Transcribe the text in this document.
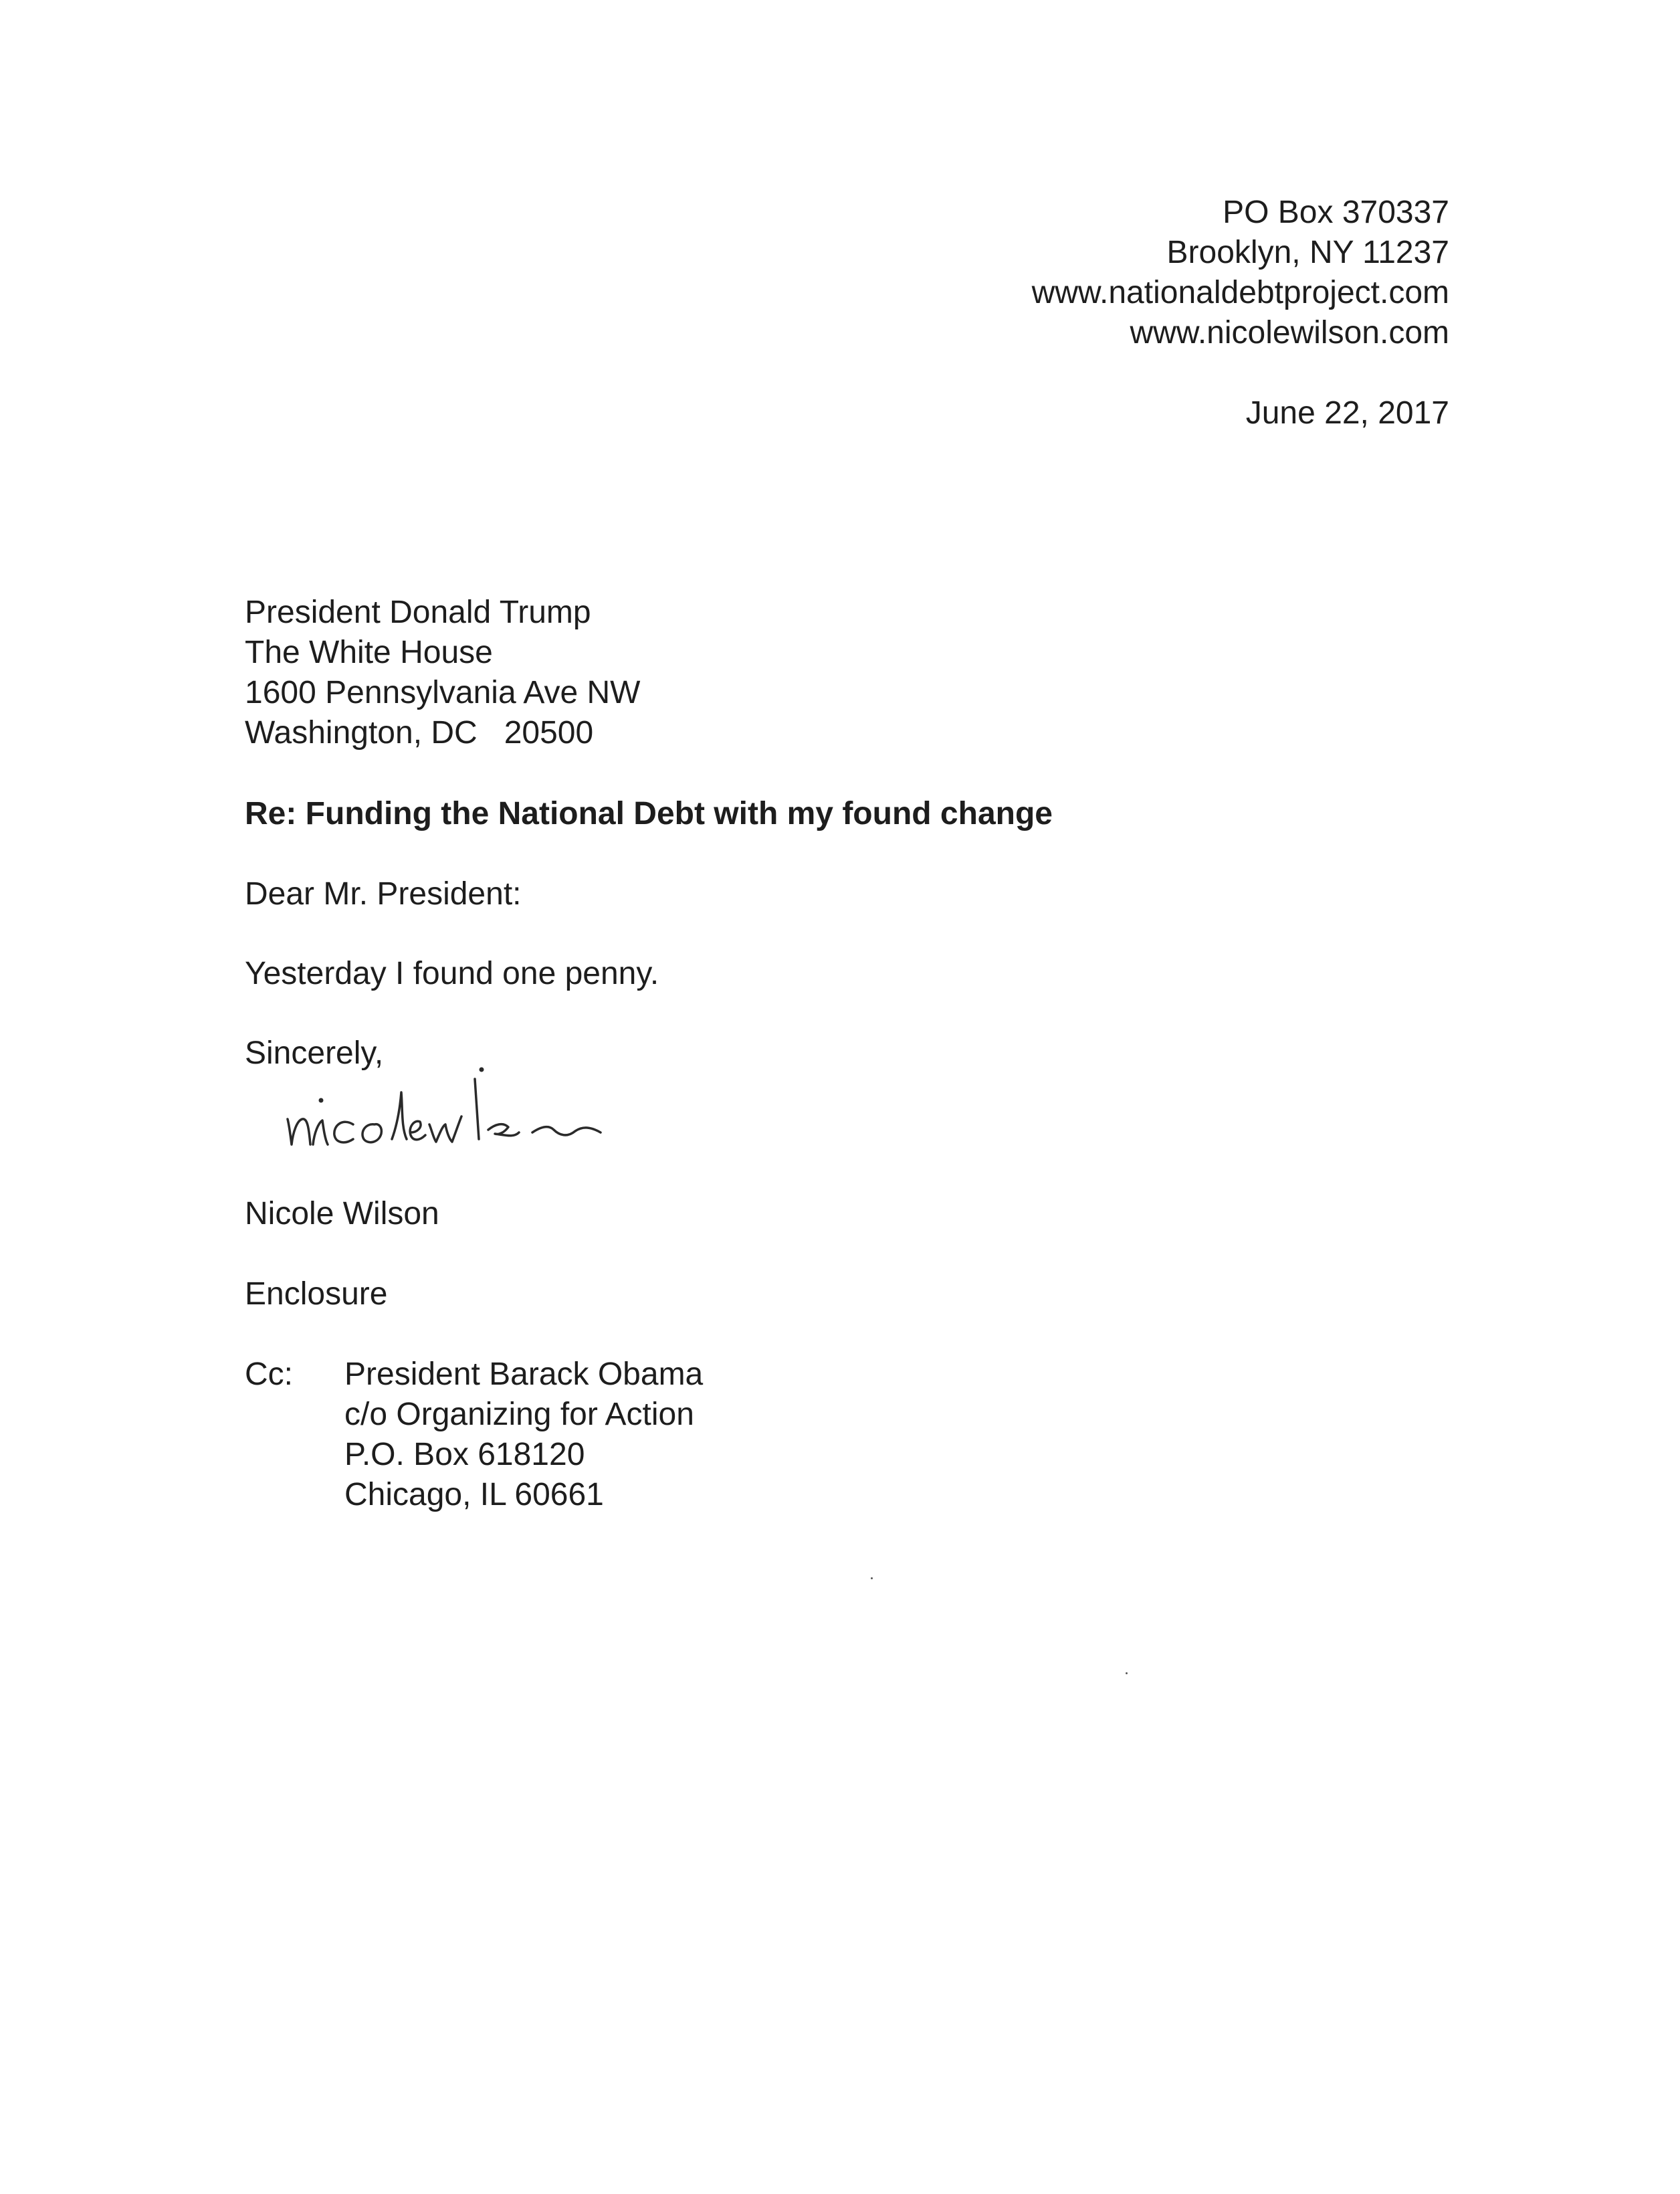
PO Box 370337
Brooklyn, NY 11237
www.nationaldebtproject.com
www.nicolewilson.com
June 22, 2017
President Donald Trump
The White House
1600 Pennsylvania Ave NW
Washington, DC   20500
Re: Funding the National Debt with my found change
Dear Mr. President:
Yesterday I found one penny.
Sincerely,
Nicole Wilson
Enclosure
Cc: President Barack Obama
c/o Organizing for Action
P.O. Box 618120
Chicago, IL 60661
